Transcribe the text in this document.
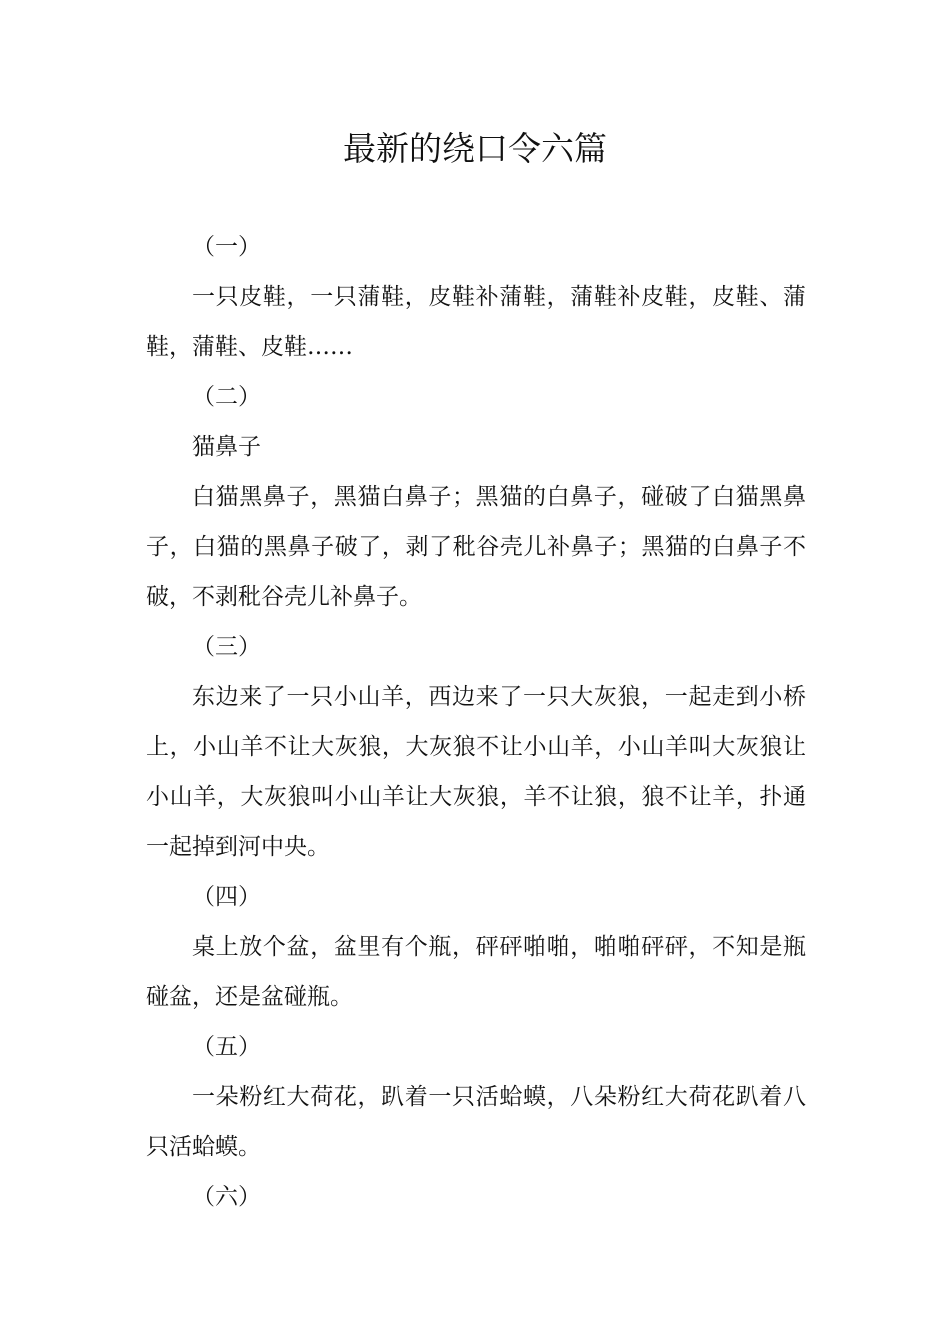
最新的绕口令六篇

（一）

一只皮鞋，一只蒲鞋，皮鞋补蒲鞋，蒲鞋补皮鞋，皮鞋、蒲鞋，蒲鞋、皮鞋……

（二）

猫鼻子

白猫黑鼻子，黑猫白鼻子；黑猫的白鼻子，碰破了白猫黑鼻子，白猫的黑鼻子破了，剥了秕谷壳儿补鼻子；黑猫的白鼻子不破，不剥秕谷壳儿补鼻子。

（三）

东边来了一只小山羊，西边来了一只大灰狼，一起走到小桥上，小山羊不让大灰狼，大灰狼不让小山羊，小山羊叫大灰狼让小山羊，大灰狼叫小山羊让大灰狼，羊不让狼，狼不让羊，扑通一起掉到河中央。

（四）

桌上放个盆，盆里有个瓶，砰砰啪啪，啪啪砰砰，不知是瓶碰盆，还是盆碰瓶。

（五）

一朵粉红大荷花，趴着一只活蛤蟆，八朵粉红大荷花趴着八只活蛤蟆。

（六）
